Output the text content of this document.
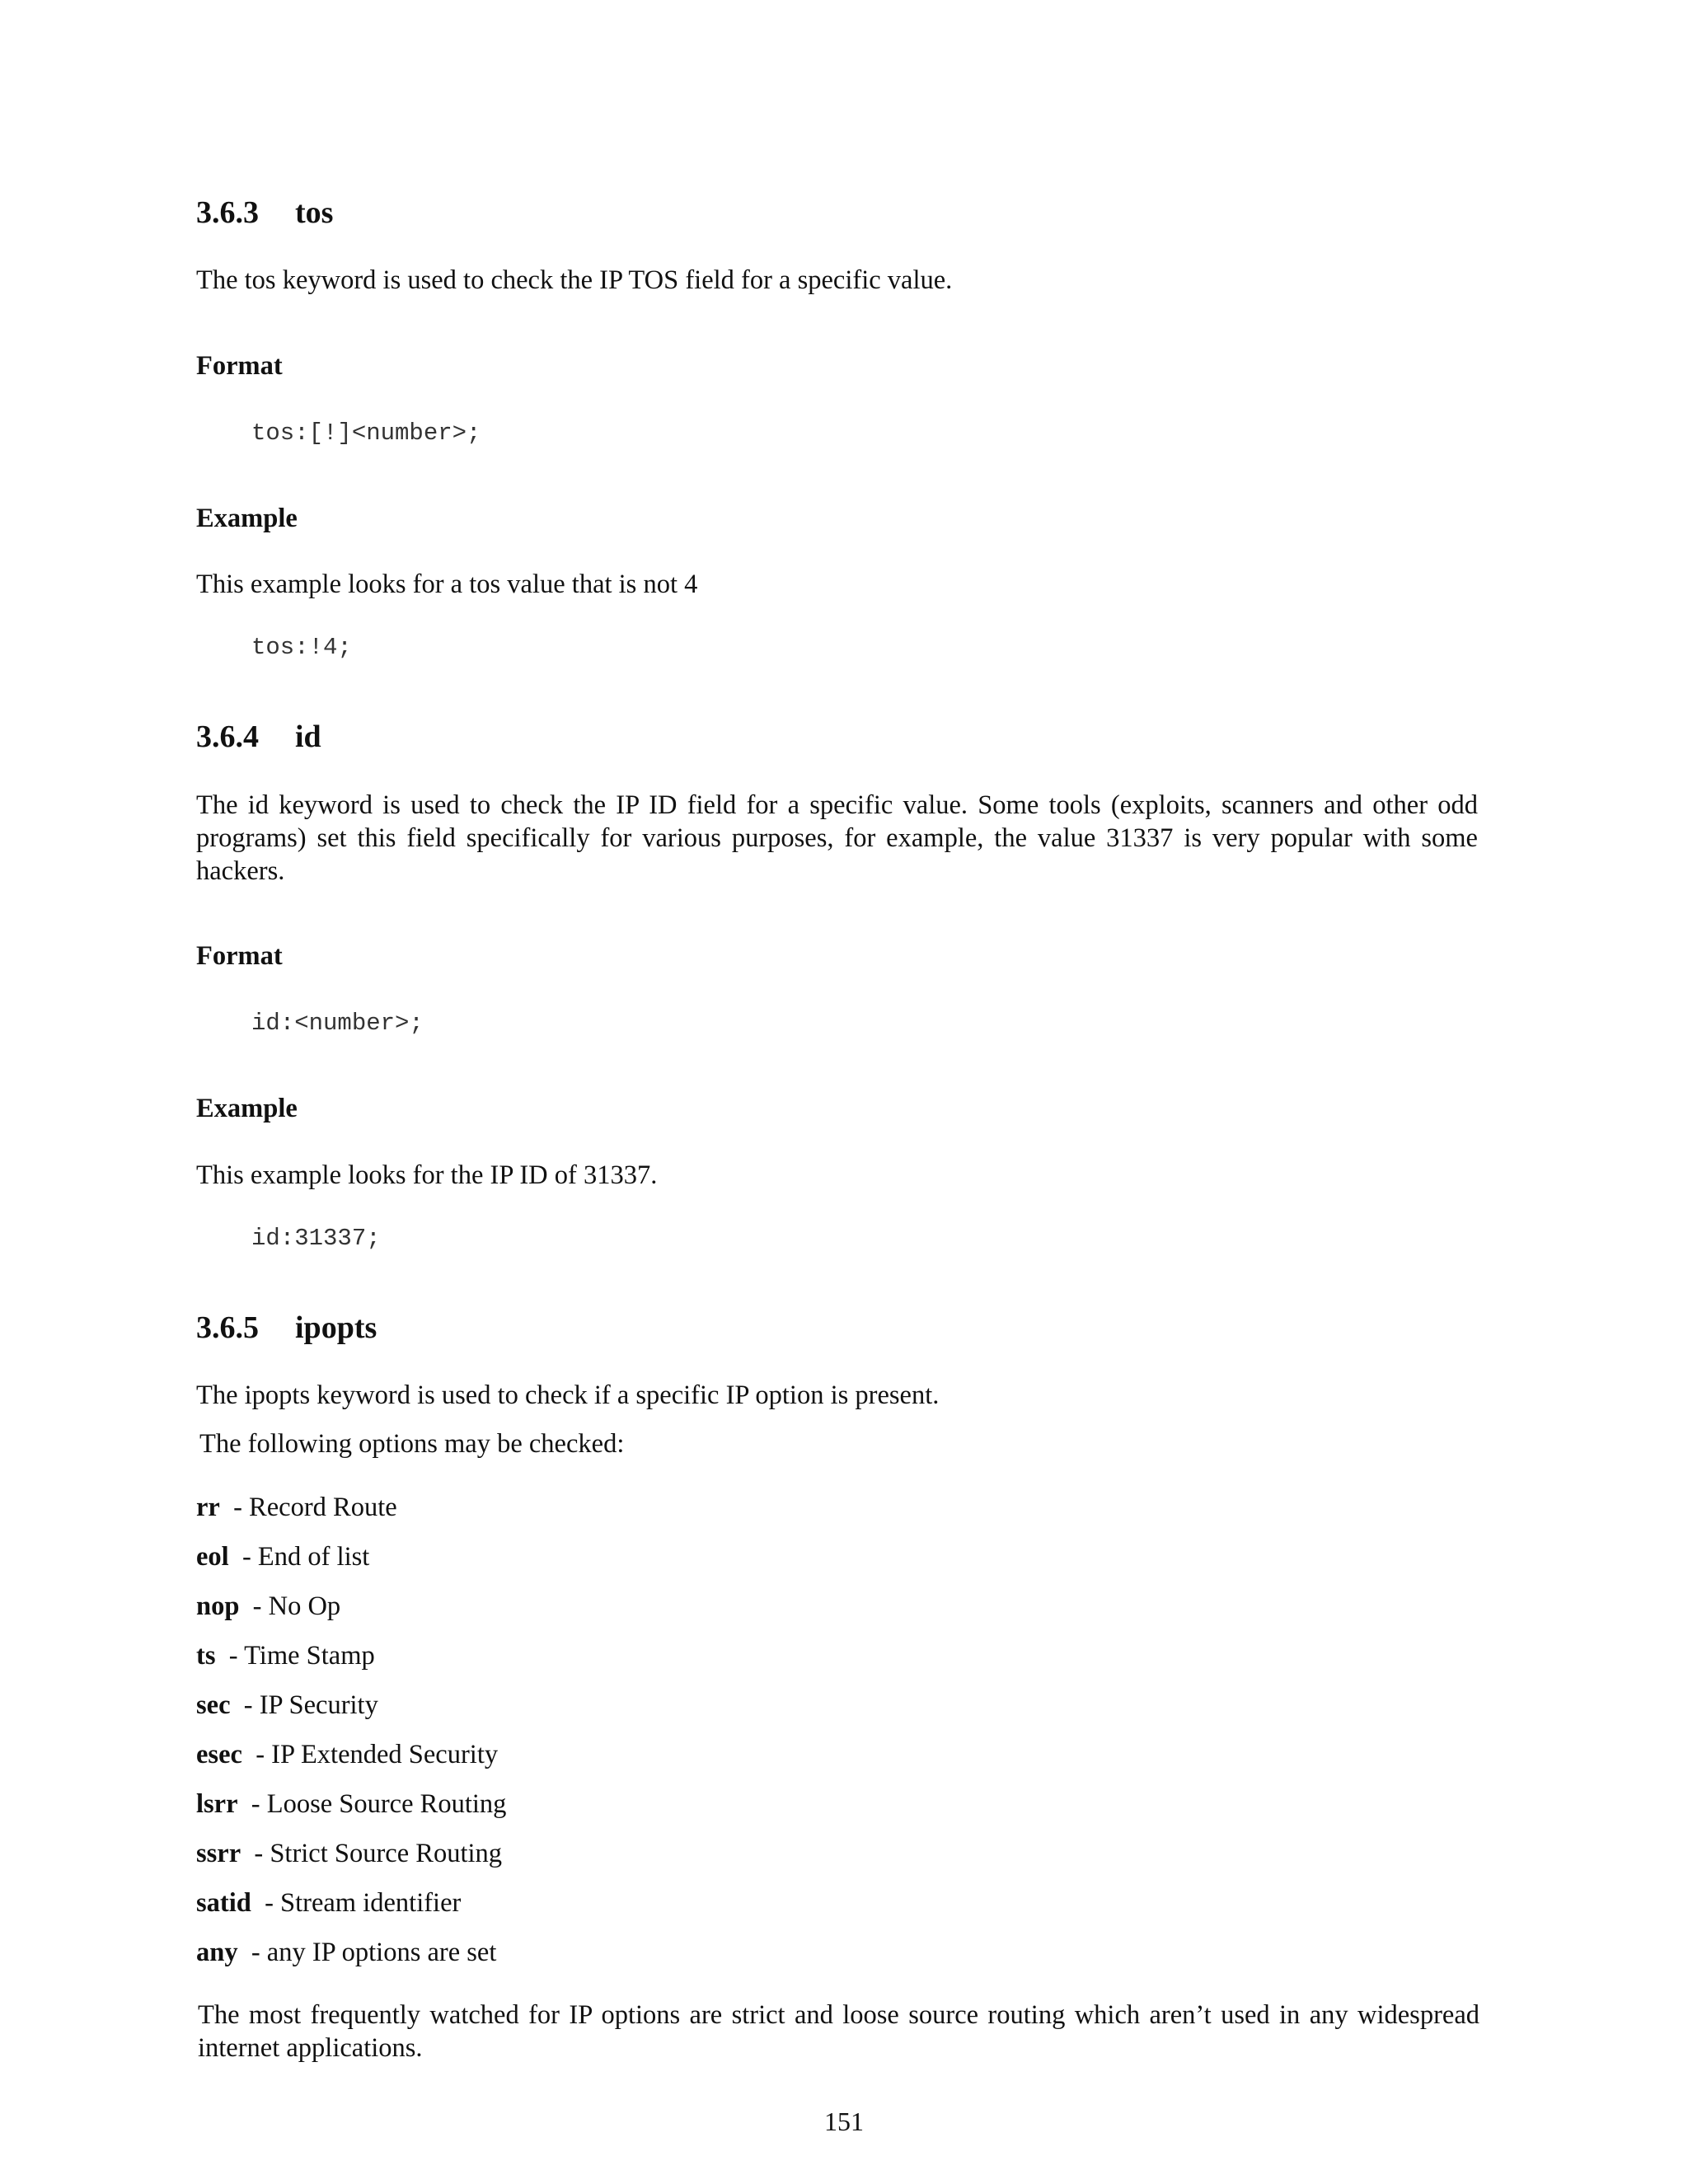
3.6.3 tos

The tos keyword is used to check the IP TOS field for a specific value.

Format

tos:[!]<number>;

Example

This example looks for a tos value that is not 4

tos:!4;

3.6.4 id

The id keyword is used to check the IP ID field for a specific value. Some tools (exploits, scanners and other odd programs) set this field specifically for various purposes, for example, the value 31337 is very popular with some hackers.

Format

id:<number>;

Example

This example looks for the IP ID of 31337.

id:31337;

3.6.5 ipopts

The ipopts keyword is used to check if a specific IP option is present.

The following options may be checked:

rr - Record Route

eol - End of list

nop - No Op

ts - Time Stamp

sec - IP Security

esec - IP Extended Security

lsrr - Loose Source Routing

ssrr - Strict Source Routing

satid - Stream identifier

any - any IP options are set

The most frequently watched for IP options are strict and loose source routing which aren’t used in any widespread internet applications.

151
